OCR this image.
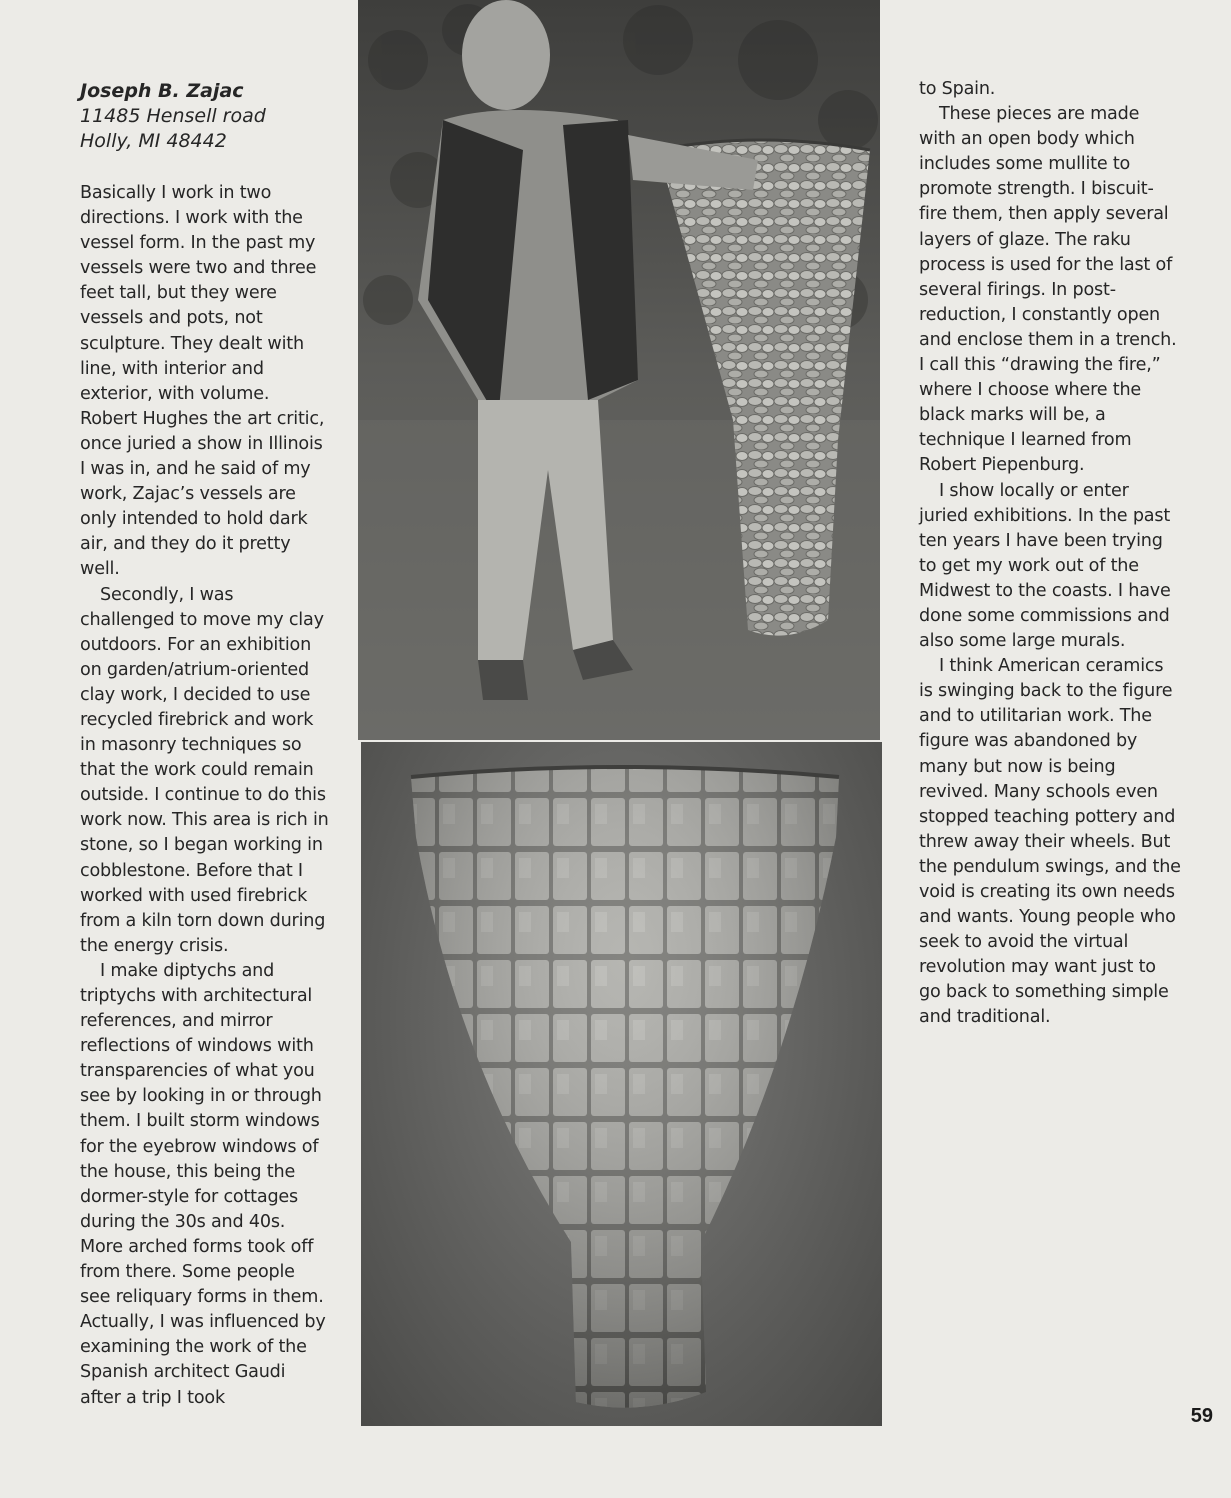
Joseph B. Zajac

11485 Hensell road

Holly, MI 48442

Basically I work in two directions. I work with the vessel form. In the past my vessels were two and three feet tall, but they were vessels and pots, not sculpture. They dealt with line, with interior and exterior, with volume. Robert Hughes the art critic, once juried a show in Illinois I was in, and he said of my work, Zajac’s vessels are only intended to hold dark air, and they do it pretty well.

Secondly, I was challenged to move my clay outdoors. For an exhibition on garden/atrium-oriented clay work, I decided to use recycled firebrick and work in masonry techniques so that the work could remain outside. I continue to do this work now. This area is rich in stone, so I began working in cobblestone. Before that I worked with used firebrick from a kiln torn down during the energy crisis.

I make diptychs and triptychs with architectural references, and mirror reflections of windows with transparencies of what you see by looking in or through them. I built storm windows for the eyebrow windows of the house, this being the dormer-style for cottages during the 30s and 40s. More arched forms took off from there. Some people see reliquary forms in them. Actually, I was influenced by examining the work of the Spanish architect Gaudi after a trip I took

to Spain.

These pieces are made with an open body which includes some mullite to promote strength. I biscuit-fire them, then apply several layers of glaze. The raku process is used for the last of several firings. In post-reduction, I constantly open and enclose them in a trench. I call this “drawing the fire,” where I choose where the black marks will be, a technique I learned from Robert Piepenburg.

I show locally or enter juried exhibitions. In the past ten years I have been trying to get my work out of the Midwest to the coasts. I have done some commissions and also some large murals.

I think American ceramics is swinging back to the figure and to utilitarian work. The figure was abandoned by many but now is being revived. Many schools even stopped teaching pottery and threw away their wheels. But the pendulum swings, and the void is creating its own needs and wants. Young people who seek to avoid the virtual revolution may want just to go back to something simple and traditional.

59
